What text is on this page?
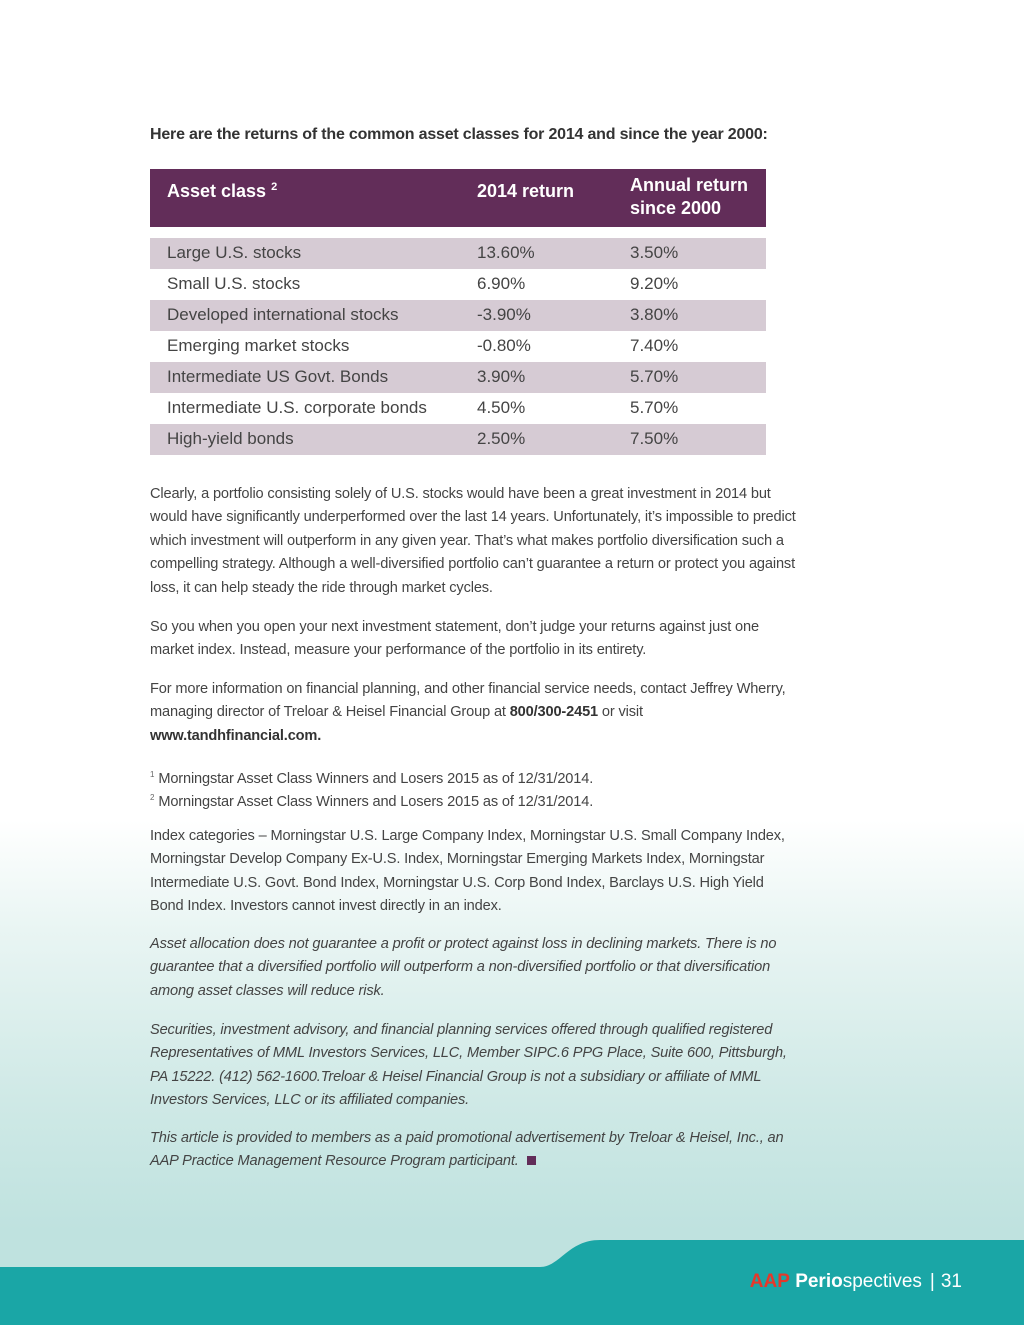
Here are the returns of the common asset classes for 2014 and since the year 2000:
Asset class $^2$	2014 return	Annual return
since 2000
Large U.S. stocks	13.60%	3.50%
Small U.S. stocks	6.90%	9.20%
Developed international stocks	-3.90%	3.80%
Emerging market stocks	-0.80%	7.40%
Intermediate US Govt. Bonds	3.90%	5.70%
Intermediate U.S. corporate bonds	4.50%	5.70%
High-yield bonds	2.50%	7.50%
Clearly, a portfolio consisting solely of U.S. stocks would have been a great investment in 2014 but would have significantly underperformed over the last 14 years. Unfortunately, it’s impossible to predict which investment will outperform in any given year. That’s what makes portfolio diversification such a compelling strategy. Although a well-diversified portfolio can’t guarantee a return or protect you against loss, it can help steady the ride through market cycles.
So you when you open your next investment statement, don’t judge your returns against just one market index. Instead, measure your performance of the portfolio in its entirety.
For more information on financial planning, and other financial service needs, contact Jeffrey Wherry, managing director of Treloar & Heisel Financial Group at 800/300-2451 or visit
www.tandhfinancial.com.
$^1$ Morningstar Asset Class Winners and Losers 2015 as of 12/31/2014.
$^2$ Morningstar Asset Class Winners and Losers 2015 as of 12/31/2014.
Index categories – Morningstar U.S. Large Company Index, Morningstar U.S. Small Company Index, Morningstar Develop Company Ex-U.S. Index, Morningstar Emerging Markets Index, Morningstar Intermediate U.S. Govt. Bond Index, Morningstar U.S. Corp Bond Index, Barclays U.S. High Yield Bond Index. Investors cannot invest directly in an index.
Asset allocation does not guarantee a profit or protect against loss in declining markets. There is no guarantee that a diversified portfolio will outperform a non-diversified portfolio or that diversification among asset classes will reduce risk.
Securities, investment advisory, and financial planning services offered through qualified registered Representatives of MML Investors Services, LLC, Member SIPC.6 PPG Place, Suite 600, Pittsburgh, PA 15222. (412) 562-1600.Treloar & Heisel Financial Group is not a subsidiary or affiliate of MML Investors Services, LLC or its affiliated companies.
This article is provided to members as a paid promotional advertisement by Treloar & Heisel, Inc., an AAP Practice Management Resource Program participant.
AAP Periospectives | 31
